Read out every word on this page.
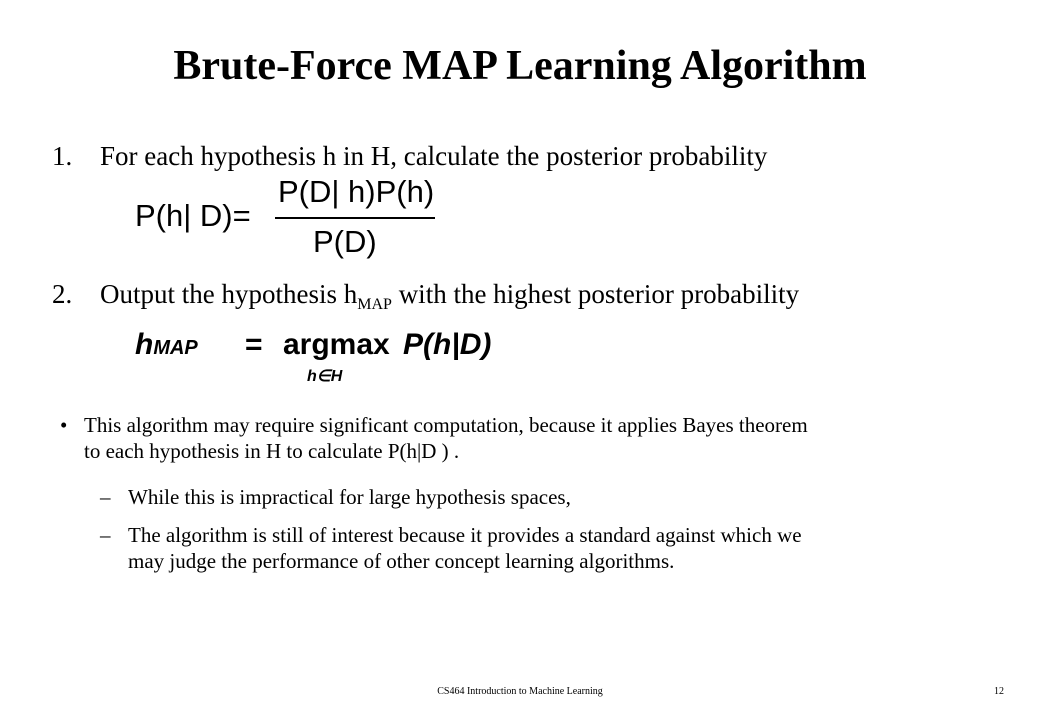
Brute-Force MAP Learning Algorithm
1. For each hypothesis h in H, calculate the posterior probability
P(h| D)=
P(D| h)P(h)
P(D)
2. Output the hypothesis $h_{MAP}$ with the highest posterior probability
hMAP = argmax
h∈H
P(h|D)
• This algorithm may require significant computation, because it applies Bayes theorem
to each hypothesis in H to calculate P(h|D ) .
– While this is impractical for large hypothesis spaces,
– The algorithm is still of interest because it provides a standard against which we
may judge the performance of other concept learning algorithms.
CS464 Introduction to Machine Learning	12
